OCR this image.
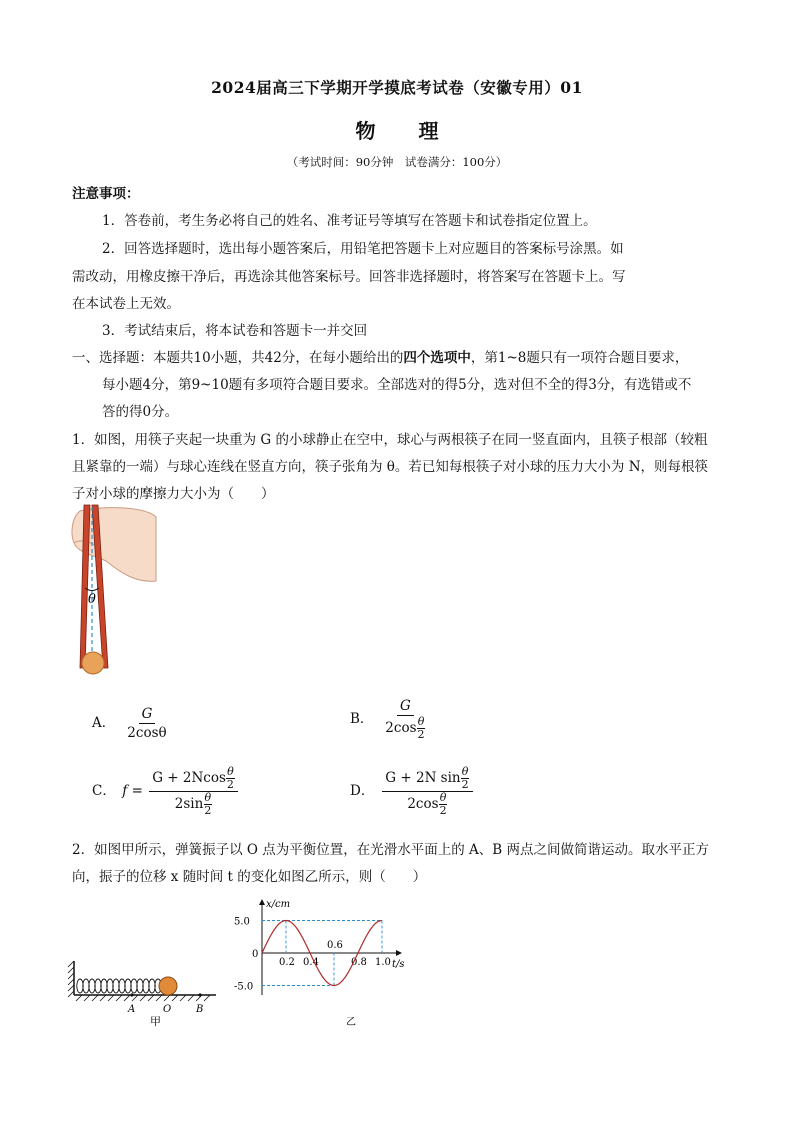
2024届高三下学期开学摸底考试卷（安徽专用）01
物 理
（考试时间：90分钟　试卷满分：100分）
注意事项：
1．答卷前，考生务必将自己的姓名、准考证号等填写在答题卡和试卷指定位置上。
2．回答选择题时，选出每小题答案后，用铅笔把答题卡上对应题目的答案标号涂黑。如
需改动，用橡皮擦干净后，再选涂其他答案标号。回答非选择题时，将答案写在答题卡上。写
在本试卷上无效。
3．考试结束后，将本试卷和答题卡一并交回
一、选择题：本题共10小题，共42分，在每小题给出的四个选项中，第1~8题只有一项符合题目要求，
每小题4分，第9~10题有多项符合题目要求。全部选对的得5分，选对但不全的得3分，有选错或不
答的得0分。
1．如图，用筷子夹起一块重为 G 的小球静止在空中，球心与两根筷子在同一竖直面内，且筷子根部（较粗
且紧靠的一端）与球心连线在竖直方向，筷子张角为 θ。若已知每根筷子对小球的压力大小为 N，则每根筷
子对小球的摩擦力大小为（　　）
θ
A． $\frac{G}{2\cos\theta}$	B． $\frac{G}{2\cos \frac{\theta}{2}}$
C． $f = \frac{G + 2Ncos \frac{\theta}{2}}{2\sin \frac{\theta}{2}}$	D． $\frac{G + 2N \sin \frac{\theta}{2}}{2\cos \frac{\theta}{2}}$
2．如图甲所示，弹簧振子以 O 点为平衡位置，在光滑水平面上的 A、B 两点之间做简谐运动。取水平正方
向，振子的位移 x 随时间 t 的变化如图乙所示，则（　　）
A	O B
甲
t/s
x/cm
0
5.0
-5.0
0.2 0.4
0.6
0.8 1.0
乙
